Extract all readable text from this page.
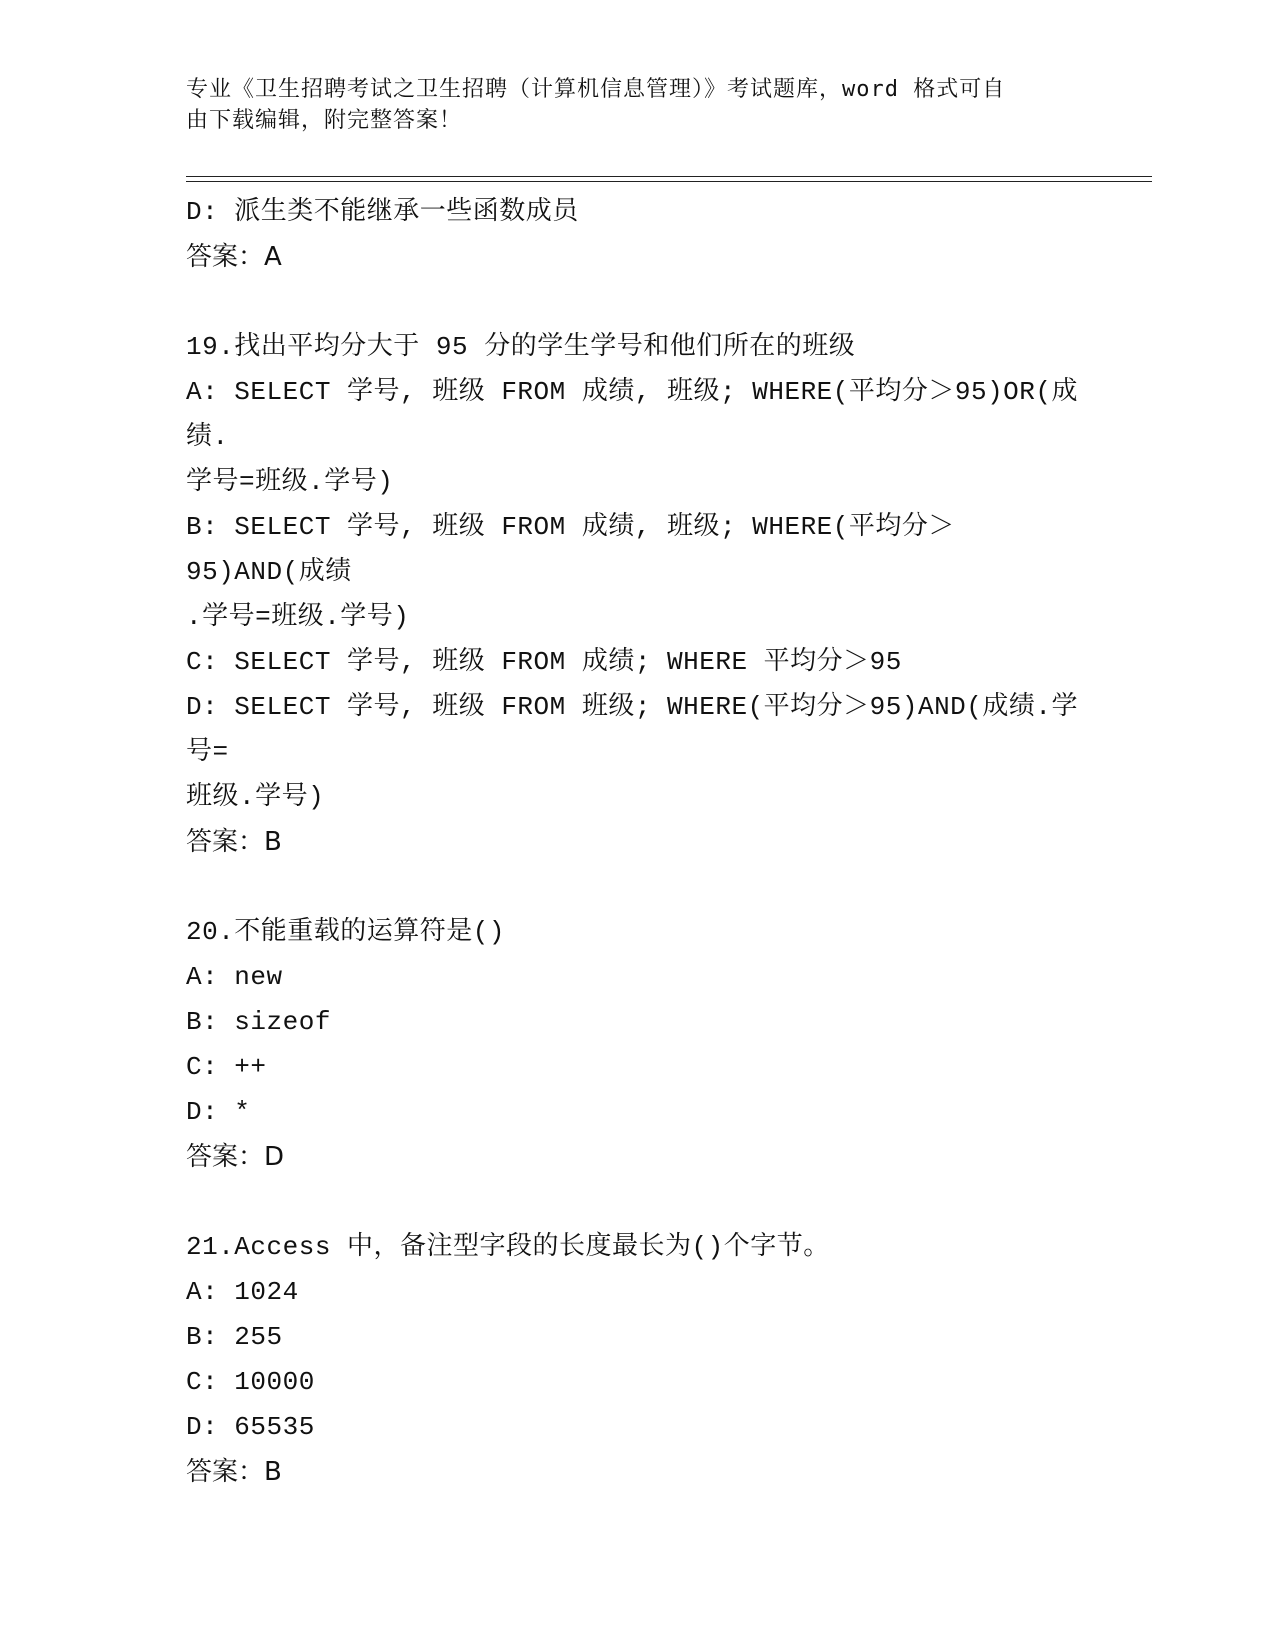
专业《卫生招聘考试之卫生招聘（计算机信息管理）》考试题库，word 格式可自
由下载编辑，附完整答案！
D: 派生类不能继承一些函数成员
答案：A
19.找出平均分大于 95 分的学生学号和他们所在的班级
A: SELECT 学号, 班级 FROM 成绩, 班级; WHERE(平均分＞95)OR(成绩.
学号=班级.学号)
B: SELECT 学号, 班级 FROM 成绩, 班级; WHERE(平均分＞95)AND(成绩
.学号=班级.学号)
C: SELECT 学号, 班级 FROM 成绩; WHERE 平均分＞95
D: SELECT 学号, 班级 FROM 班级; WHERE(平均分＞95)AND(成绩.学号=
班级.学号)
答案：B
20.不能重载的运算符是()
A: new
B: sizeof
C: ++
D: *
答案：D
21.Access 中，备注型字段的长度最长为()个字节。
A: 1024
B: 255
C: 10000
D: 65535
答案：B
